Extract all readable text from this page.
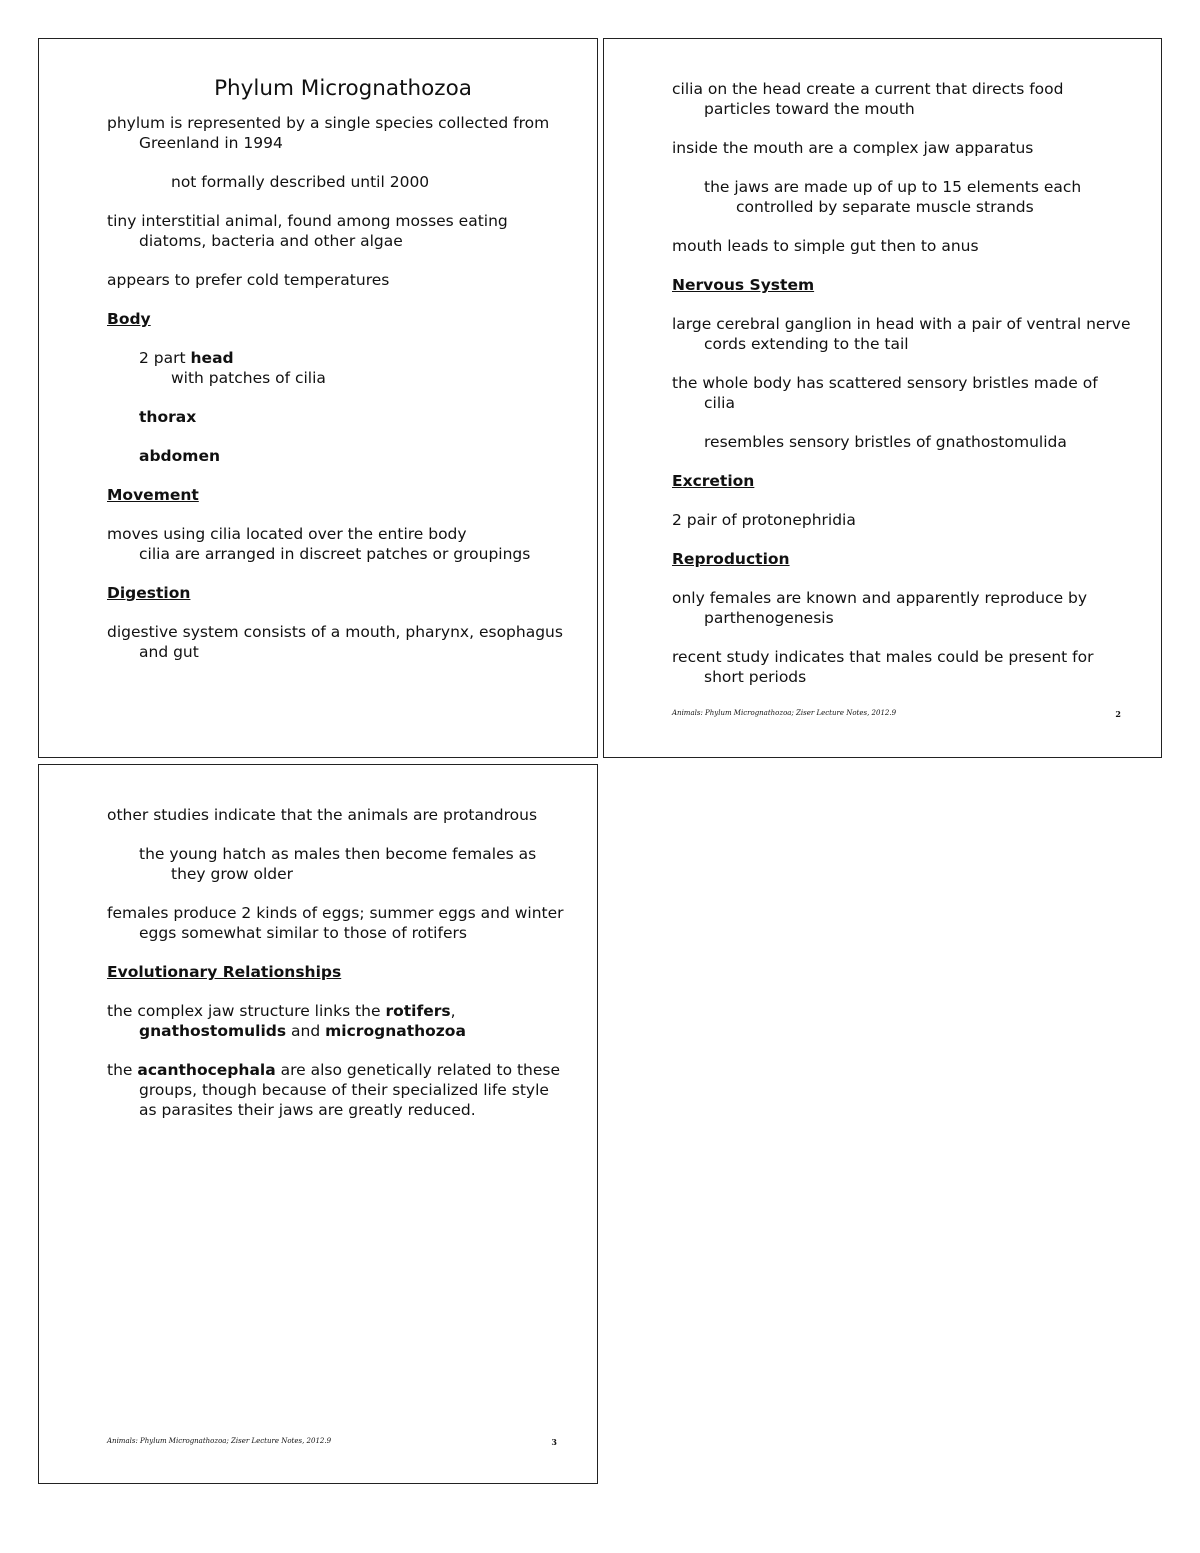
Phylum Micrognathozoa
phylum is represented by a single species collected from Greenland in 1994
not formally described until 2000
tiny interstitial animal, found among mosses eating diatoms, bacteria and other algae
appears to prefer cold temperatures
Body
2 part head
with patches of cilia
thorax
abdomen
Movement
moves using cilia located over the entire body
cilia are arranged in discreet patches or groupings
Digestion
digestive system consists of a mouth, pharynx, esophagus and gut
cilia on the head create a current that directs food particles toward the mouth
inside the mouth are a complex jaw apparatus
the jaws are made up of up to 15 elements each controlled by separate muscle strands
mouth leads to simple gut then to anus
Nervous System
large cerebral ganglion in head with a pair of ventral nerve cords extending to the tail
the whole body has scattered sensory bristles made of cilia
resembles sensory bristles of gnathostomulida
Excretion
2 pair of protonephridia
Reproduction
only females are known and apparently reproduce by parthenogenesis
recent study indicates that males could be present for short periods
Animals: Phylum Micrognathozoa; Ziser Lecture Notes, 2012.9	2
other studies indicate that the animals are protandrous
the young hatch as males then become females as they grow older
females produce 2 kinds of eggs; summer eggs and winter eggs somewhat similar to those of rotifers
Evolutionary Relationships
the complex jaw structure links the rotifers, gnathostomulids and micrognathozoa
the acanthocephala are also genetically related to these groups, though because of their specialized life style as parasites their jaws are greatly reduced.
Animals: Phylum Micrognathozoa; Ziser Lecture Notes, 2012.9	3
